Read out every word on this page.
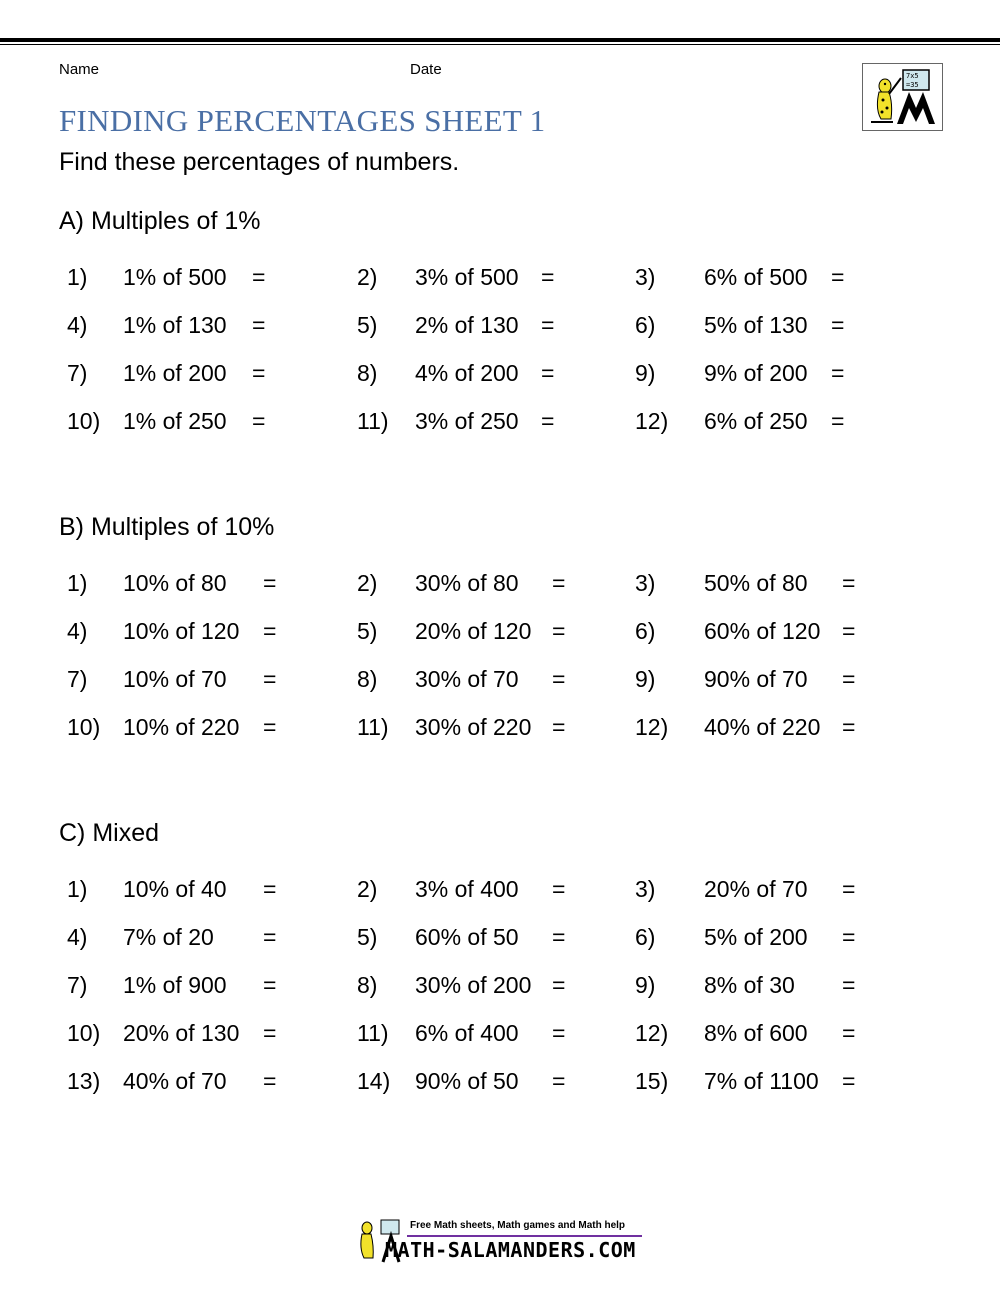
Name	Date	7x5
=35
FINDING PERCENTAGES SHEET 1
Find these percentages of numbers.
A) Multiples of 1%
1) 1% of 500 =	2) 3% of 500 =	3) 6% of 500 =
4) 1% of 130 =	5) 2% of 130 =	6) 5% of 130 =
7) 1% of 200 =	8) 4% of 200 =	9) 9% of 200 =
10) 1% of 250 =	11) 3% of 250 =	12) 6% of 250 =
B) Multiples of 10%
1) 10% of 80 =	2) 30% of 80 =	3) 50% of 80 =
4) 10% of 120 =	5) 20% of 120 =	6) 60% of 120 =
7) 10% of 70 =	8) 30% of 70 =	9) 90% of 70 =
10) 10% of 220 =	11) 30% of 220 =	12) 40% of 220 =
C) Mixed
1) 10% of 40 =	2) 3% of 400 =	3) 20% of 70 =
4) 7% of 20 =	5) 60% of 50 =	6) 5% of 200 =
7) 1% of 900 =	8) 30% of 200 =	9) 8% of 30 =
10) 20% of 130 =	11) 6% of 400 =	12) 8% of 600 =
13) 40% of 70 =	14) 90% of 50 =	15) 7% of 1100 =
Free Math sheets, Math games and Math help
MATH-SALAMANDERS.COM
